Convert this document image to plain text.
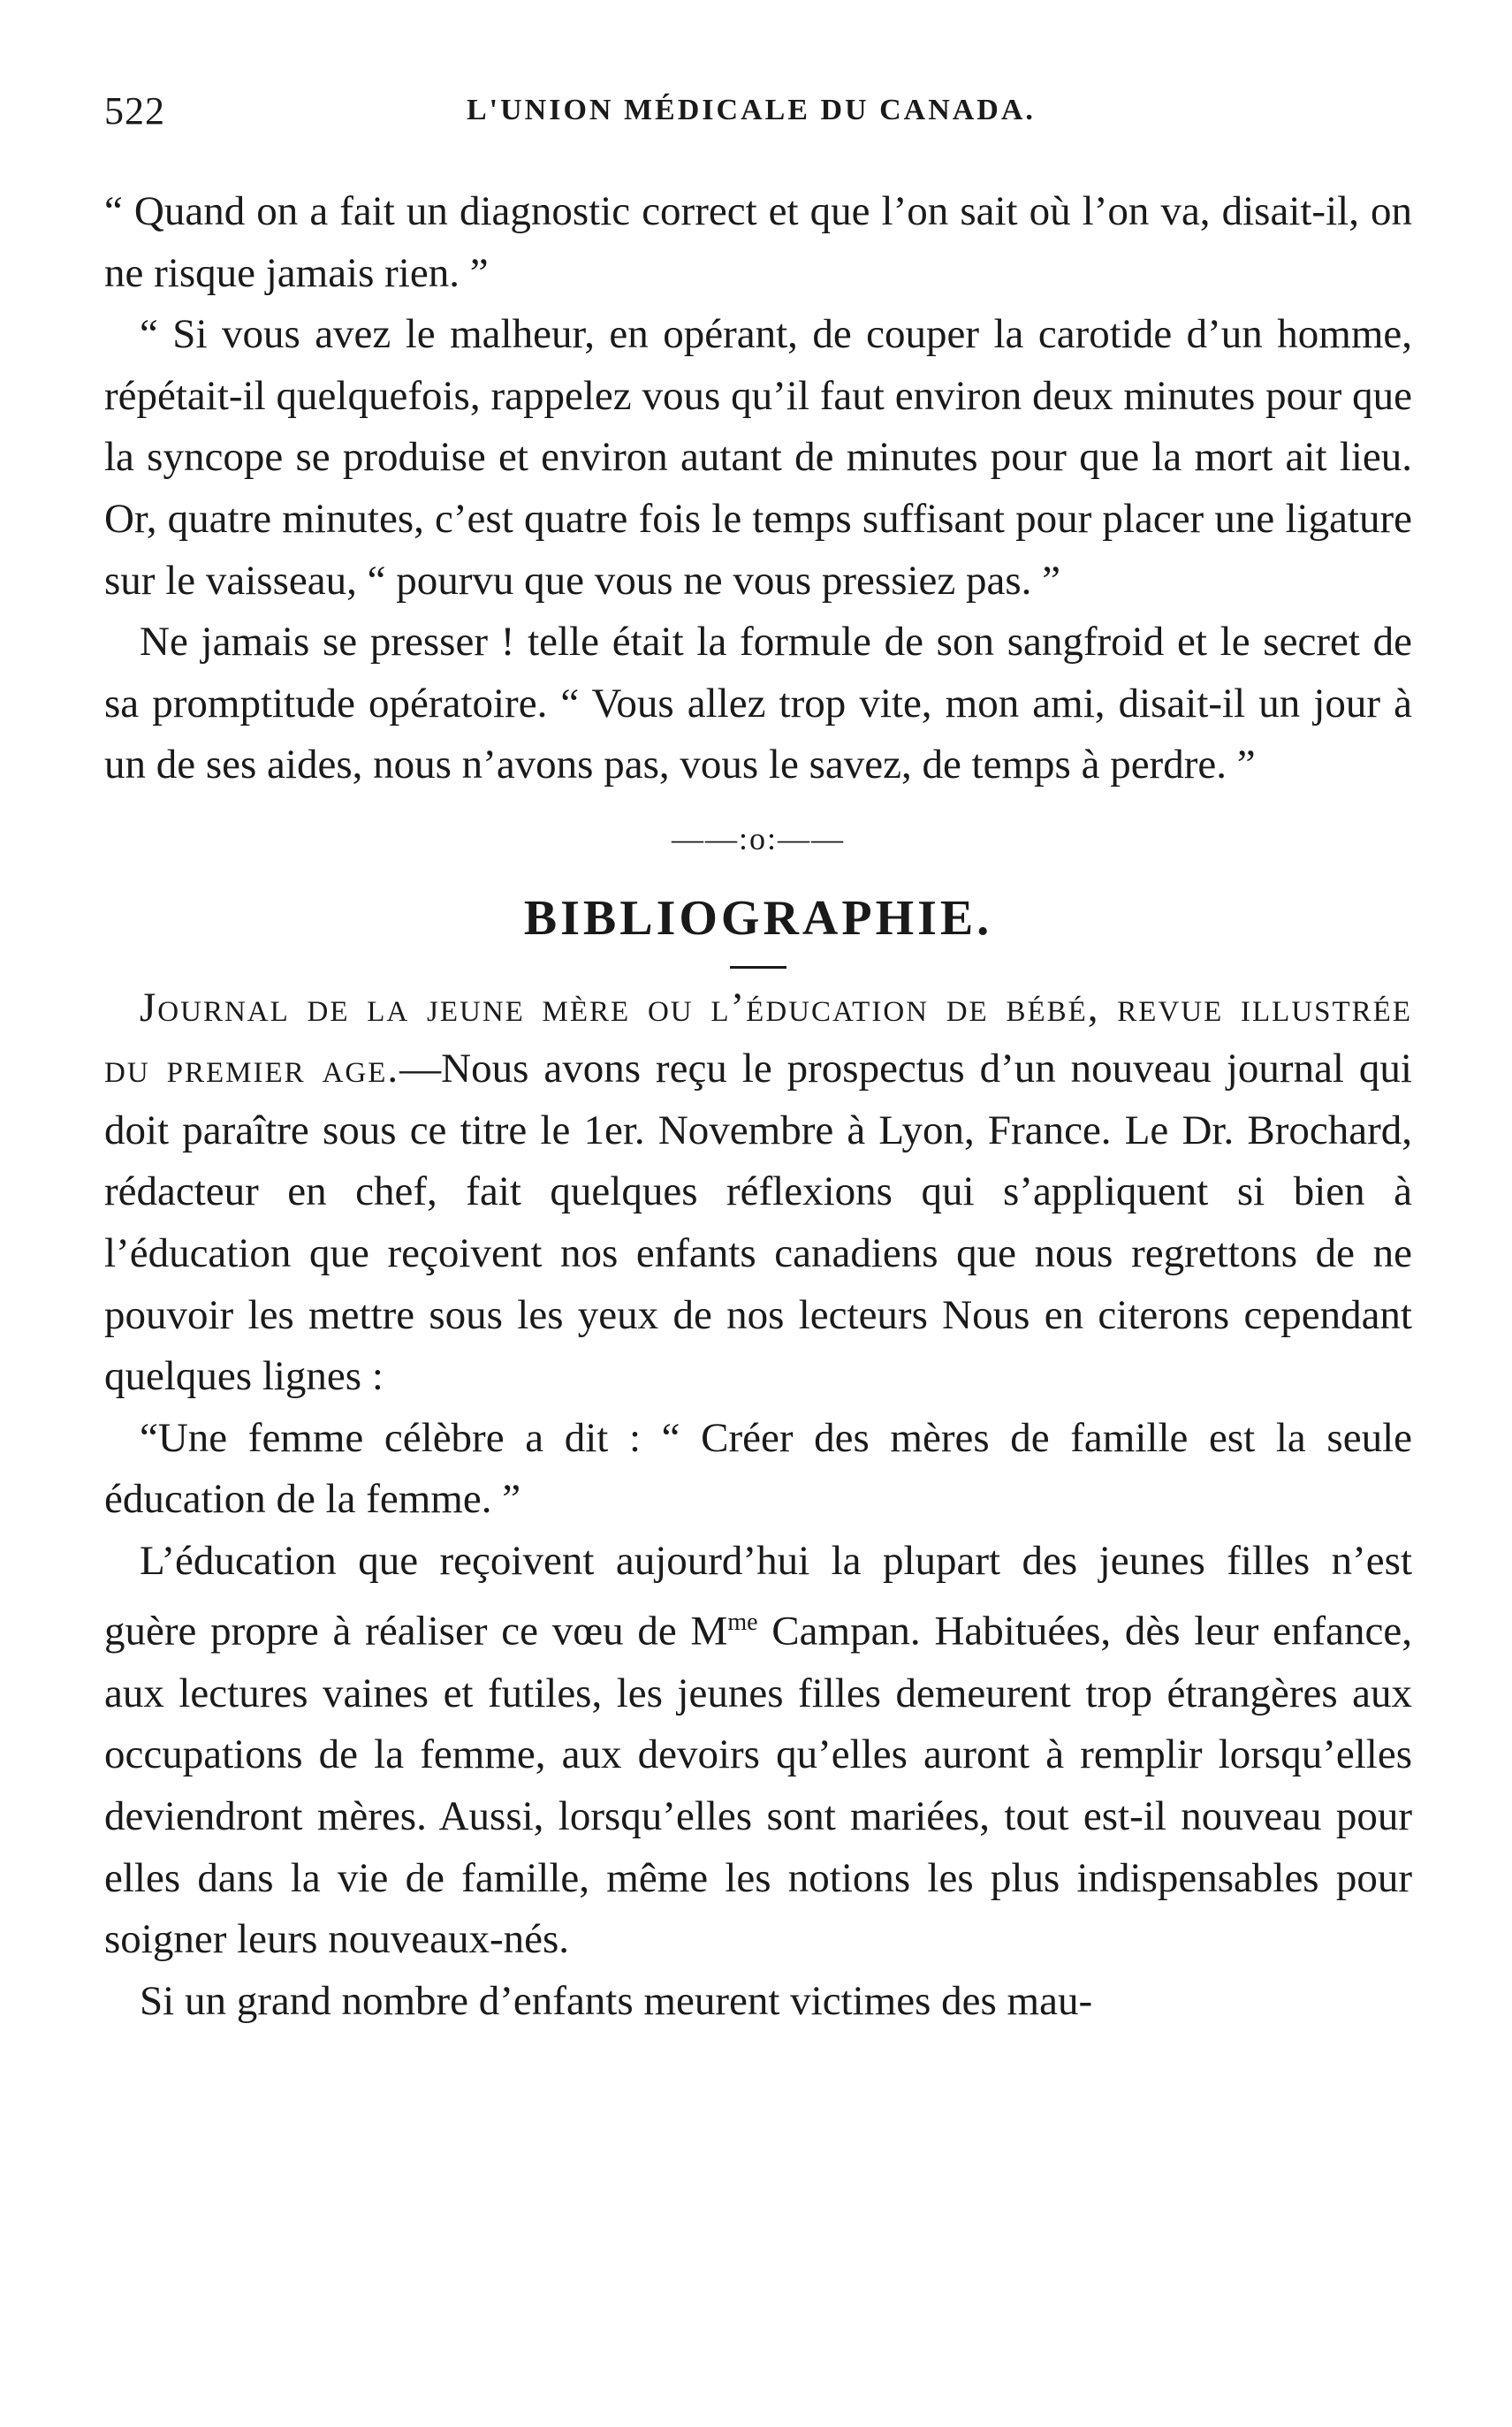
522	L'UNION MÉDICALE DU CANADA.

“ Quand on a fait un diagnostic correct et que l’on sait où l’on va, disait-il, on ne risque jamais rien. ”

“ Si vous avez le malheur, en opérant, de couper la carotide d’un homme, répétait-il quelquefois, rappelez vous qu’il faut environ deux minutes pour que la syncope se produise et environ autant de minutes pour que la mort ait lieu. Or, quatre minutes, c’est quatre fois le temps suffisant pour placer une ligature sur le vaisseau, “ pourvu que vous ne vous pressiez pas. ”

Ne jamais se presser ! telle était la formule de son sangfroid et le secret de sa promptitude opératoire. “ Vous allez trop vite, mon ami, disait-il un jour à un de ses aides, nous n’avons pas, vous le savez, de temps à perdre. ”

——:o:——
BIBLIOGRAPHIE.

Journal de la jeune mère ou l’éducation de bébé, revue illustrée du premier age.—Nous avons reçu le prospectus d’un nouveau journal qui doit paraître sous ce titre le 1er. Novembre à Lyon, France. Le Dr. Brochard, rédacteur en chef, fait quelques réflexions qui s’appliquent si bien à l’éducation que reçoivent nos enfants canadiens que nous regrettons de ne pouvoir les mettre sous les yeux de nos lecteurs Nous en citerons cependant quelques lignes :

“Une femme célèbre a dit : “ Créer des mères de famille est la seule éducation de la femme. ”

L’éducation que reçoivent aujourd’hui la plupart des jeunes filles n’est guère propre à réaliser ce vœu de $M^{me}$ Campan. Habituées, dès leur enfance, aux lectures vaines et futiles, les jeunes filles demeurent trop étrangères aux occupations de la femme, aux devoirs qu’elles auront à remplir lorsqu’elles deviendront mères. Aussi, lorsqu’elles sont mariées, tout est-il nouveau pour elles dans la vie de famille, même les notions les plus indispensables pour soigner leurs nouveaux-nés.

Si un grand nombre d’enfants meurent victimes des mau-
